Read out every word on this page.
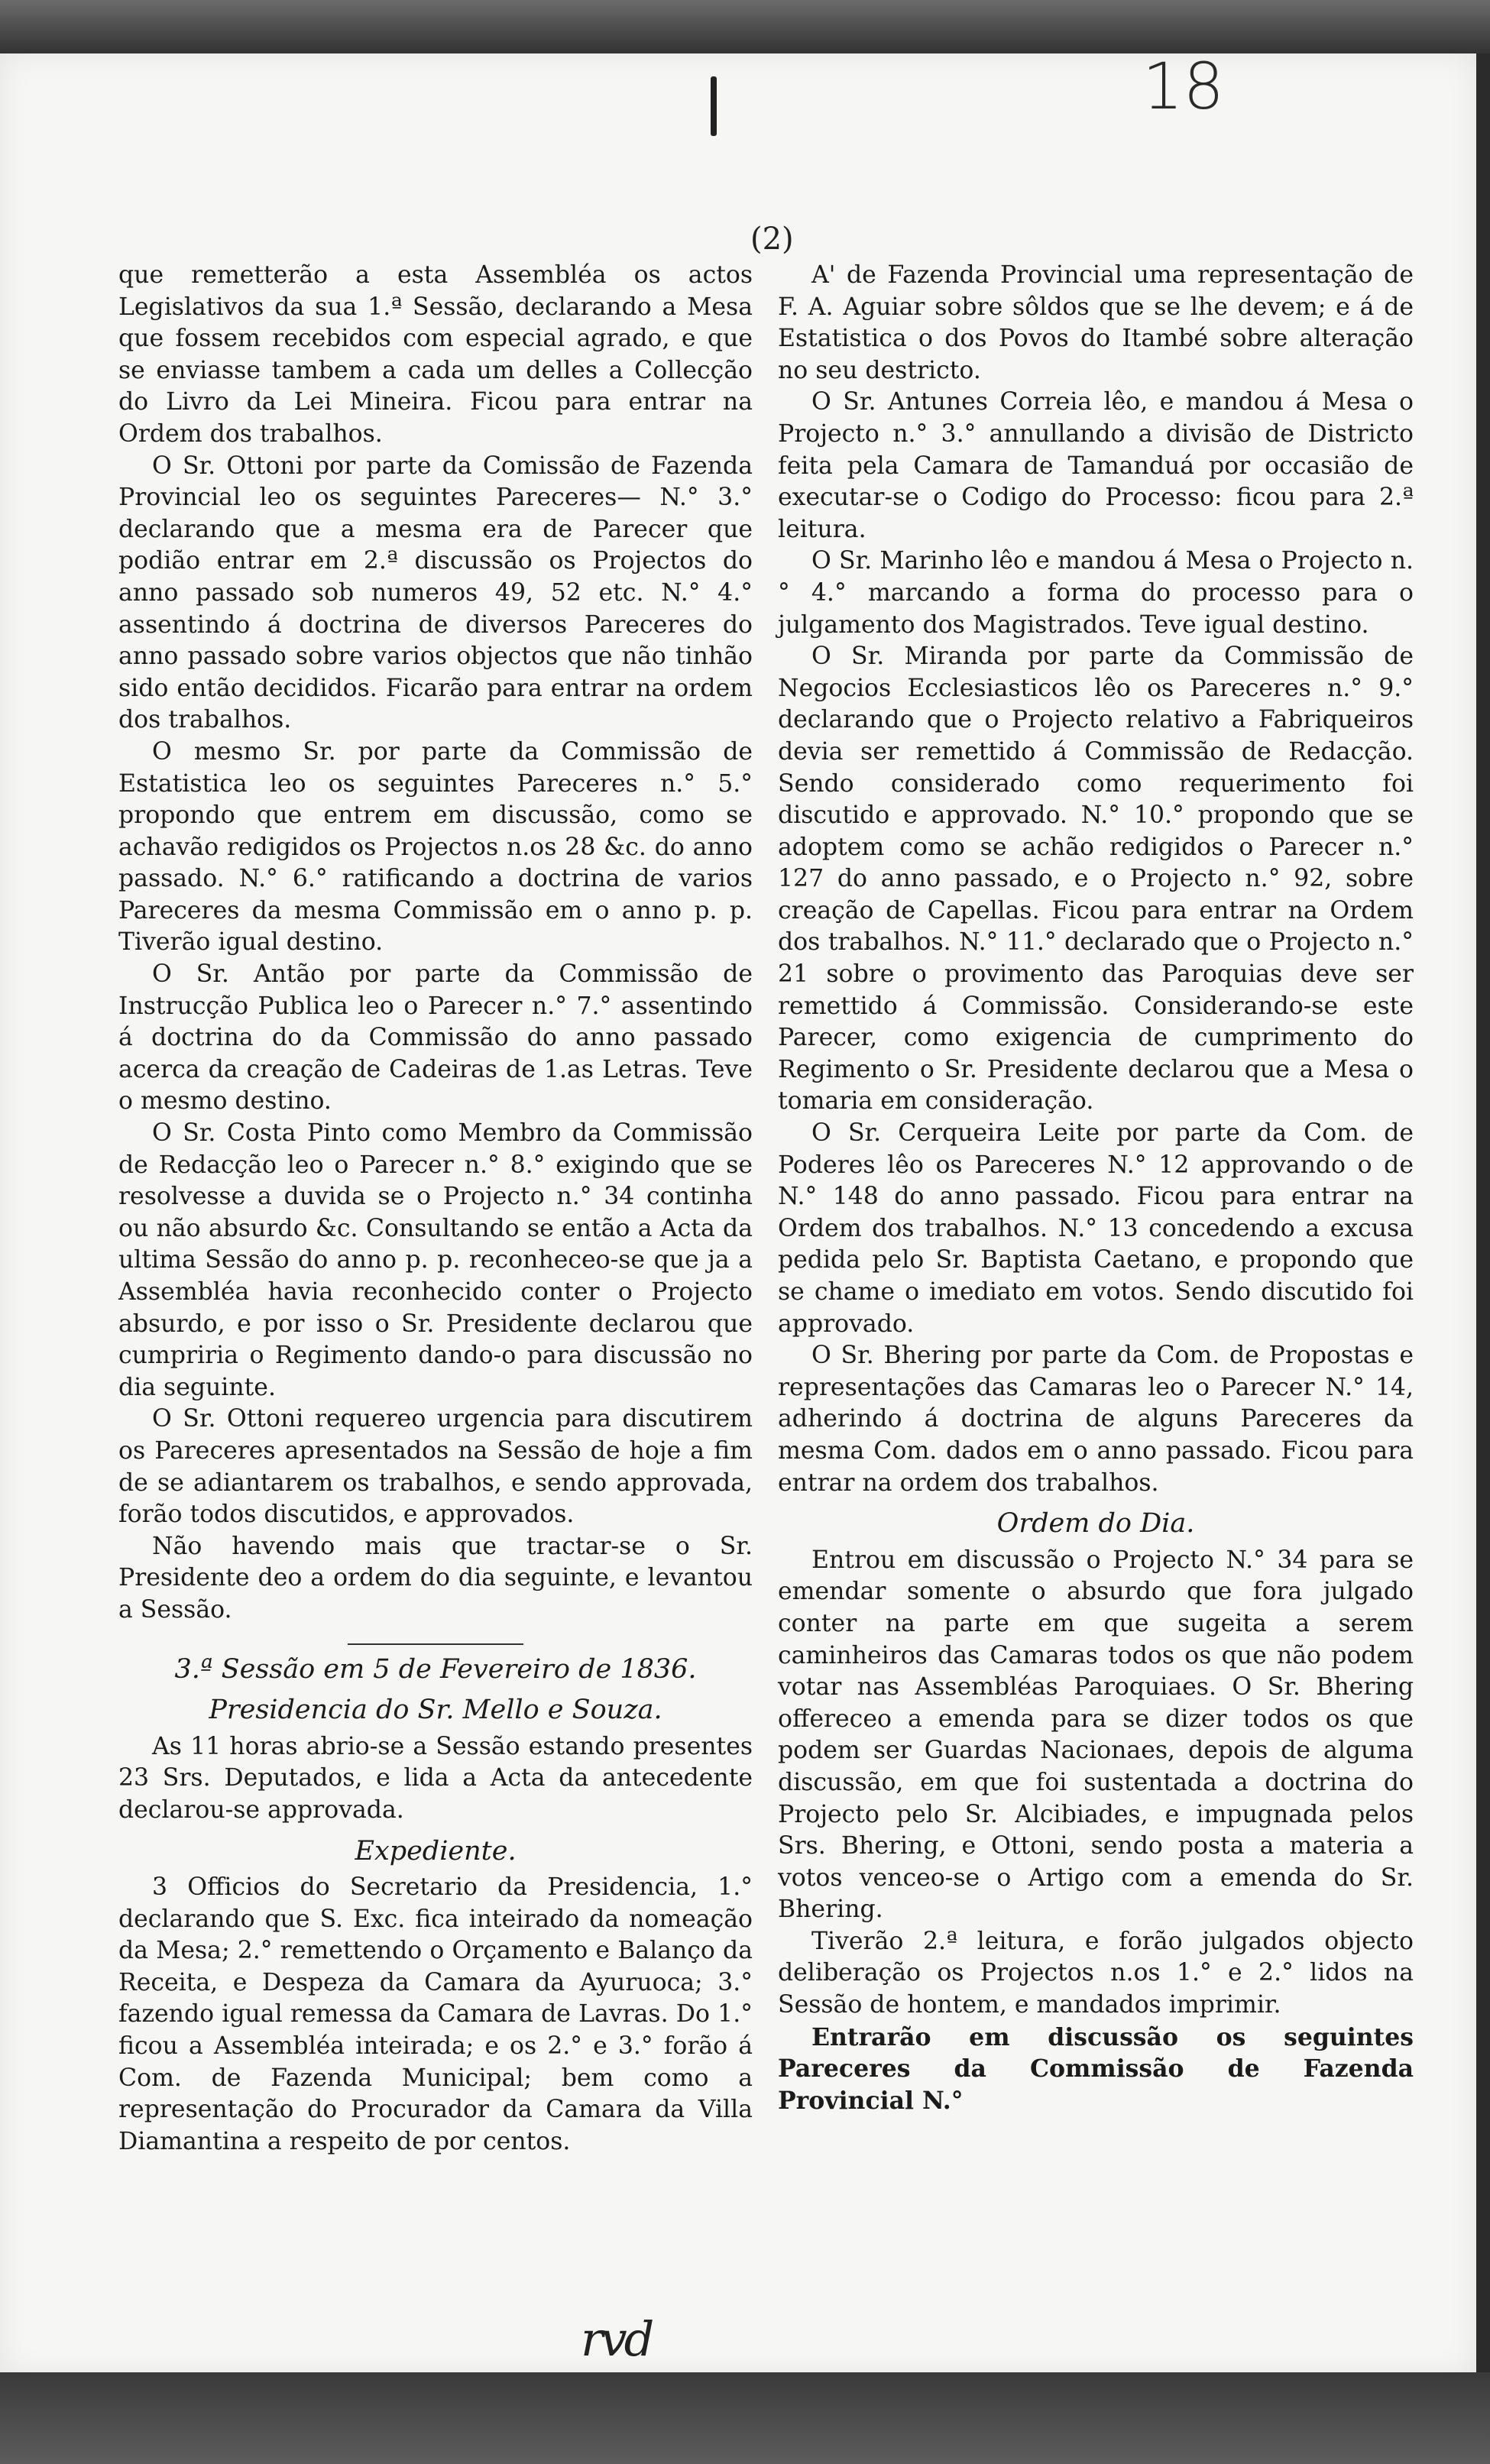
18
(2)

que remetterão a esta Assembléa os actos Legislativos da sua 1.ª Sessão, declarando a Mesa que fossem recebidos com especial agrado, e que se enviasse tambem a cada um delles a Collecção do Livro da Lei Mineira. Ficou para entrar na Ordem dos trabalhos.

O Sr. Ottoni por parte da Comissão de Fazenda Provincial leo os seguintes Pareceres— N.° 3.° declarando que a mesma era de Parecer que podião entrar em 2.ª discussão os Projectos do anno passado sob numeros 49, 52 etc. N.° 4.° assentindo á doctrina de diversos Pareceres do anno passado sobre varios objectos que não tinhão sido então decididos. Ficarão para entrar na ordem dos trabalhos.

O mesmo Sr. por parte da Commissão de Estatistica leo os seguintes Pareceres n.° 5.° propondo que entrem em discussão, como se achavão redigidos os Projectos n.os 28 &c. do anno passado. N.° 6.° ratificando a doctrina de varios Pareceres da mesma Commissão em o anno p. p. Tiverão igual destino.

O Sr. Antão por parte da Commissão de Instrucção Publica leo o Parecer n.° 7.° assentindo á doctrina do da Commissão do anno passado acerca da creação de Cadeiras de 1.as Letras. Teve o mesmo destino.

O Sr. Costa Pinto como Membro da Commissão de Redacção leo o Parecer n.° 8.° exigindo que se resolvesse a duvida se o Projecto n.° 34 continha ou não absurdo &c. Consultando se então a Acta da ultima Sessão do anno p. p. reconheceo-se que ja a Assembléa havia reconhecido conter o Projecto absurdo, e por isso o Sr. Presidente declarou que cumpriria o Regimento dando-o para discussão no dia seguinte.

O Sr. Ottoni requereo urgencia para discutirem os Pareceres apresentados na Sessão de hoje a fim de se adiantarem os trabalhos, e sendo approvada, forão todos discutidos, e approvados.

Não havendo mais que tractar-se o Sr. Presidente deo a ordem do dia seguinte, e levantou a Sessão.

3.ª Sessão em 5 de Fevereiro de 1836.

Presidencia do Sr. Mello e Souza.

As 11 horas abrio-se a Sessão estando presentes 23 Srs. Deputados, e lida a Acta da antecedente declarou-se approvada.

Expediente.

3 Officios do Secretario da Presidencia, 1.° declarando que S. Exc. fica inteirado da nomeação da Mesa; 2.° remettendo o Orçamento e Balanço da Receita, e Despeza da Camara da Ayuruoca; 3.° fazendo igual remessa da Camara de Lavras. Do 1.° ficou a Assembléa inteirada; e os 2.° e 3.° forão á Com. de Fazenda Municipal; bem como a representação do Procurador da Camara da Villa Diamantina a respeito de por centos.

A' de Fazenda Provincial uma representação de F. A. Aguiar sobre sôldos que se lhe devem; e á de Estatistica o dos Povos do Itambé sobre alteração no seu destricto.

O Sr. Antunes Correia lêo, e mandou á Mesa o Projecto n.° 3.° annullando a divisão de Districto feita pela Camara de Tamanduá por occasião de executar-se o Codigo do Processo: ficou para 2.ª leitura.

O Sr. Marinho lêo e mandou á Mesa o Projecto n.° 4.° marcando a forma do processo para o julgamento dos Magistrados. Teve igual destino.

O Sr. Miranda por parte da Commissão de Negocios Ecclesiasticos lêo os Pareceres n.° 9.° declarando que o Projecto relativo a Fabriqueiros devia ser remettido á Commissão de Redacção. Sendo considerado como requerimento foi discutido e approvado. N.° 10.° propondo que se adoptem como se achão redigidos o Parecer n.° 127 do anno passado, e o Projecto n.° 92, sobre creação de Capellas. Ficou para entrar na Ordem dos trabalhos. N.° 11.° declarado que o Projecto n.° 21 sobre o provimento das Paroquias deve ser remettido á Commissão. Considerando-se este Parecer, como exigencia de cumprimento do Regimento o Sr. Presidente declarou que a Mesa o tomaria em consideração.

O Sr. Cerqueira Leite por parte da Com. de Poderes lêo os Pareceres N.° 12 approvando o de N.° 148 do anno passado. Ficou para entrar na Ordem dos trabalhos. N.° 13 concedendo a excusa pedida pelo Sr. Baptista Caetano, e propondo que se chame o imediato em votos. Sendo discutido foi approvado.

O Sr. Bhering por parte da Com. de Propostas e representações das Camaras leo o Parecer N.° 14, adherindo á doctrina de alguns Pareceres da mesma Com. dados em o anno passado. Ficou para entrar na ordem dos trabalhos.

Ordem do Dia.

Entrou em discussão o Projecto N.° 34 para se emendar somente o absurdo que fora julgado conter na parte em que sugeita a serem caminheiros das Camaras todos os que não podem votar nas Assembléas Paroquiaes. O Sr. Bhering offereceo a emenda para se dizer todos os que podem ser Guardas Nacionaes, depois de alguma discussão, em que foi sustentada a doctrina do Projecto pelo Sr. Alcibiades, e impugnada pelos Srs. Bhering, e Ottoni, sendo posta a materia a votos venceo-se o Artigo com a emenda do Sr. Bhering.

Tiverão 2.ª leitura, e forão julgados objecto deliberação os Projectos n.os 1.° e 2.° lidos na Sessão de hontem, e mandados imprimir.

Entrarão em discussão os seguintes Pareceres da Commissão de Fazenda Provincial N.°

rvd
